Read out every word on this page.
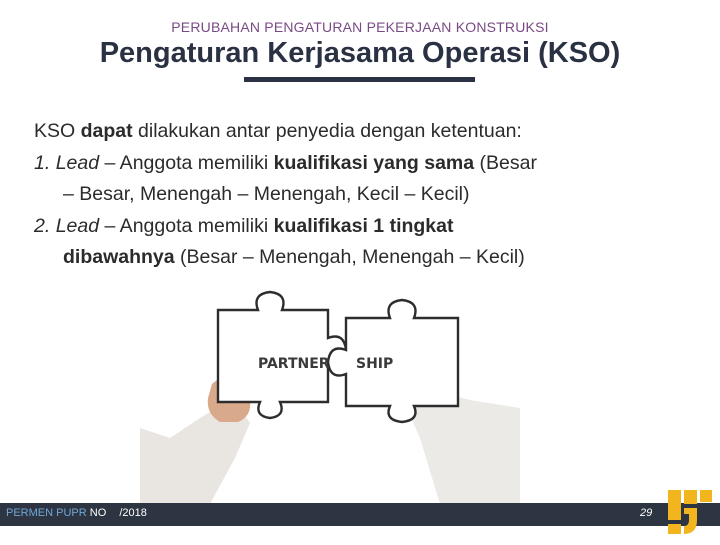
PERUBAHAN PENGATURAN PEKERJAAN KONSTRUKSI
Pengaturan Kerjasama Operasi (KSO)
KSO dapat dilakukan antar penyedia dengan ketentuan:
1. Lead – Anggota memiliki kualifikasi yang sama (Besar
– Besar, Menengah – Menengah, Kecil – Kecil)
2. Lead – Anggota memiliki kualifikasi 1 tingkat
dibawahnya (Besar – Menengah, Menengah – Kecil)
PARTNER SHIP
PERMEN PUPR NO /2018	29
